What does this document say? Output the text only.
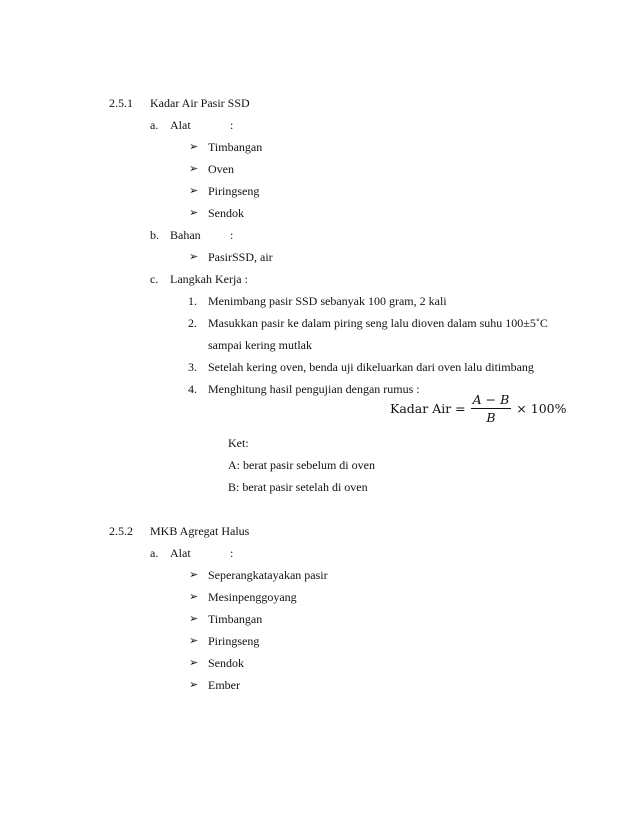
2.5.1 Kadar Air Pasir SSD
a. Alat	:
➢ Timbangan
➢ Oven
➢ Piringseng
➢ Sendok
b. Bahan :
➢ PasirSSD, air
c. Langkah Kerja :
1. Menimbang pasir SSD sebanyak 100 gram, 2 kali
2. Masukkan pasir ke dalam piring seng lalu dioven dalam suhu 100±5˚C
sampai kering mutlak
3. Setelah kering oven, benda uji dikeluarkan dari oven lalu ditimbang
4. Menghitung hasil pengujian dengan rumus :
Kadar Air = $\frac{A - B}{B} \times 100\%$
Ket:
A: berat pasir sebelum di oven
B: berat pasir setelah di oven
2.5.2 MKB Agregat Halus
a. Alat	:
➢ Seperangkatayakan pasir
➢ Mesinpenggoyang
➢ Timbangan
➢ Piringseng
➢ Sendok
➢ Ember
